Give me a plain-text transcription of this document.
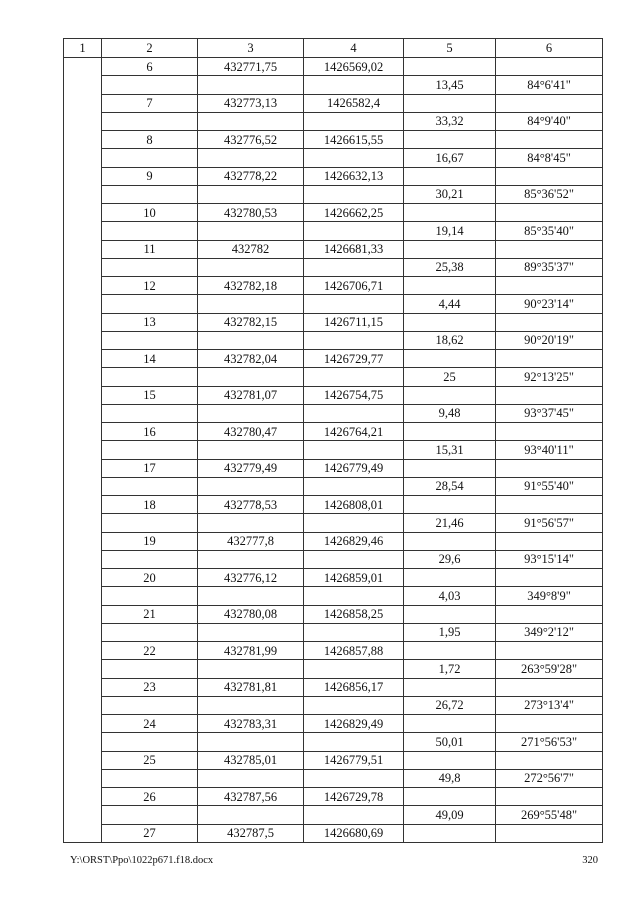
1	2	3	4	5	6
	6	432771,75	1426569,02		
				13,45	84°6'41"
	7	432773,13	1426582,4		
				33,32	84°9'40"
	8	432776,52	1426615,55		
				16,67	84°8'45"
	9	432778,22	1426632,13		
				30,21	85°36'52"
	10	432780,53	1426662,25		
				19,14	85°35'40"
	11	432782	1426681,33		
				25,38	89°35'37"
	12	432782,18	1426706,71		
				4,44	90°23'14"
	13	432782,15	1426711,15		
				18,62	90°20'19"
	14	432782,04	1426729,77		
				25	92°13'25"
	15	432781,07	1426754,75		
				9,48	93°37'45"
	16	432780,47	1426764,21		
				15,31	93°40'11"
	17	432779,49	1426779,49		
				28,54	91°55'40"
	18	432778,53	1426808,01		
				21,46	91°56'57"
	19	432777,8	1426829,46		
				29,6	93°15'14"
	20	432776,12	1426859,01		
				4,03	349°8'9"
	21	432780,08	1426858,25		
				1,95	349°2'12"
	22	432781,99	1426857,88		
				1,72	263°59'28"
	23	432781,81	1426856,17		
				26,72	273°13'4"
	24	432783,31	1426829,49		
				50,01	271°56'53"
	25	432785,01	1426779,51		
				49,8	272°56'7"
	26	432787,56	1426729,78		
				49,09	269°55'48"
	27	432787,5	1426680,69		
Y:\ORST\Ppo\1022p671.f18.docx	320
